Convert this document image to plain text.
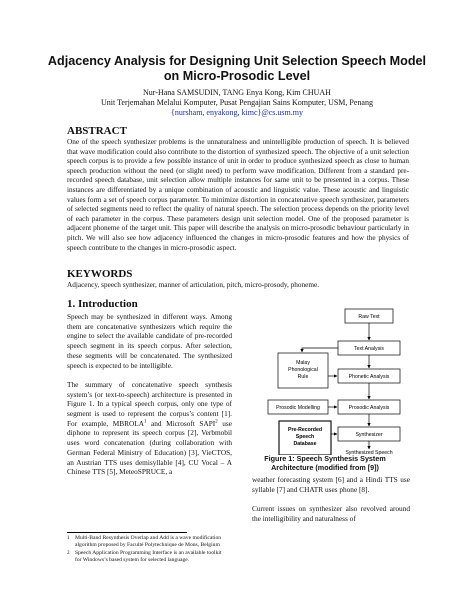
Adjacency Analysis for Designing Unit Selection Speech Model
on Micro-Prosodic Level
Nur-Hana SAMSUDIN, TANG Enya Kong, Kim CHUAH
Unit Terjemahan Melalui Komputer, Pusat Pengajian Sains Komputer, USM, Penang
{nursham, enyakong, kimc}@cs.usm.my
ABSTRACT
One of the speech synthesizer problems is the unnaturalness and unintelligible production of speech. It is believed that wave modification could also contribute to the distortion of synthesized speech. The objective of a unit selection speech corpus is to provide a few possible instance of unit in order to produce synthesized speech as close to human speech production without the need (or slight need) to perform wave modification. Different from a standard pre-recorded speech database, unit selection allow multiple instances for same unit to be presented in a corpus. These instances are differentiated by a unique combination of acoustic and linguistic value. These acoustic and linguistic values form a set of speech corpus parameter. To minimize distortion in concatenative speech synthesizer, parameters of selected segments need to reflect the quality of natural speech. The selection process depends on the priority level of each parameter in the corpus. These parameters design unit selection model. One of the proposed parameter is adjacent phoneme of the target unit. This paper will describe the analysis on micro-prosodic behaviour particularly in pitch. We will also see how adjacency influenced the changes in micro-prosodic features and how the physics of speech contribute to the changes in micro-prosodic aspect.
KEYWORDS
Adjacency, speech synthesizer, manner of articulation, pitch, micro-prosody, phoneme.
1. Introduction

Speech may be synthesized in different ways. Among them are concatenative synthesizers which require the engine to select the available candidate of pre-recorded speech segment in its speech corpus. After selection, these segments will be concatenated. The synthesized speech is expected to be intelligible.

The summary of concatenative speech synthesis system’s (or text-to-speech) architecture is presented in Figure 1. In a typical speech corpus, only one type of segment is used to represent the corpus’s content [1]. For example, MBROLA$^1$ and Microsoft SAPI$^2$ use diphone to represent its speech corpus [2], Verbmobil uses word concatenation (during collaboration with German Federal Ministry of Education) [3], VieCTOS, an Austrian TTS uses demisyllable [4], CU Vocal – A Chinese TTS [5], MeteoSPRUCE, a

1 Multi-Band Resynthesis Overlap and Add is a wave modification algorithm proposed by Faculté Polytechnique de Mons, Belgium
2 Speech Application Programming Interface is an available toolkit for Windows’s based system for selected language.
Raw Text
Text Analysis
Phonetic Analysis
Prosodic Analysis
Synthesizer
Prosodic Modelling
Malay
Phonological
Rule
Pre-Recorded
Speech
Database
Synthesized Speech
Figure 1: Speech Synthesis System
Architecture (modified from [9])

weather forecasting system [6] and a Hindi TTS use syllable [7] and CHATR uses phone [8].

Current issues on synthesizer also revolved around the intelligibility and naturalness of
